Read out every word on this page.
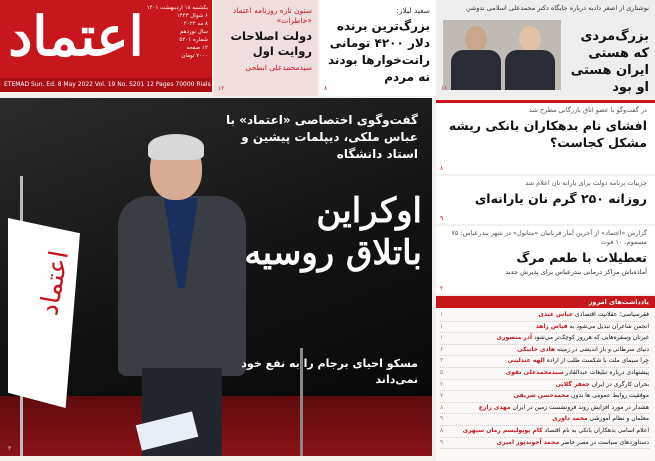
اعتماد یکشنبه ۱۸ اردیبهشت ۱۴۰۱
۶ شوال ۱۴۴۳
۸ مه ۲۰۲۲
سال نوزدهم
شماره ۵۲۰۱
۱۲ صفحه
۷۰۰۰ تومان
ETEMAD Sun. Ed. 8 May 2022 Vol. 19 No. 5201 12 Pages 70000 Rials
ستون تازه روزنامه اعتماد «خاطرات»
دولت اصلاحات روایت اول
سیدمحمدعلی ابطحی
۱۲
سعید لیلاز:
بزرگ‌ترین برنده دلار ۴۲۰۰ تومانی رانت‌خوارها بودند نه مردم
۸
نوشتاری از اصغر دادبه درباره جایگاه دکتر محمدعلی اسلامی ندوشن
بزرگ‌مردی که هستی ایران هستی او بود
۱۱
اعتماد
گفت‌وگوی اختصاصی «اعتماد» با عباس ملکی، دیپلمات پیشین و استاد دانشگاه
اوکراین باتلاق روسیه
مسکو احیای برجام را به نفع خود نمی‌داند
۳
در گفت‌وگو با عضو اتاق بازرگانی مطرح شد
افشای نام بدهکاران بانکی ریشه مشکل کجاست؟
۸
جزییات برنامه دولت برای یارانه نان اعلام شد
روزانه ۲۵۰ گرم نان یارانه‌ای
۹
گزارش «اعتماد» از آخرین آمار قربانیان «متانول» در شهر بندرعباس: ۷۵ مسموم، ۱۰ فوت
تعطیلات با طعم مرگ
آماده‌باش مراکز درمانی بندرعباس برای پذیرش جدید
۲
یادداشت‌های امروز
فقرسیاسی؛ عقلانیت اقتصادی عباس عبدی
۱
انجمن شاعران تبدیل می‌شود به فیاض زاهد
۱
غیرنان وسفره‌هایی که هرروز کوچک‌تر می‌شود آذر منصوری
۱
دنیای سرطانی و باز اندیشی در زمینه هادی خانیکی
۶
چرا سیمای ملت با شکست طلب از اراده الهه عندلیبی
۴
پیشنهادی درباره تبلیغات عبدالقادر سیدمحمدعلی تقوی
۵
بحران کارگری در ایران جعفر گلابی
۲
موفقیت روابط عمومی ها بدون محمدحسن شریفی
۷
هشدار در مورد افزایش روند فرونشست زمین در ایران مهدی زارع
۸
معلمان و نظام آموزشی محمد داوری
۹
اعلام اسامی بدهکاران بانکی به نام اقتصاد کام پوپولیسم زمان سپهری
۸
دستاوردهای سیاست در مصر حاضر محمد آخوندپور امیری
۹
